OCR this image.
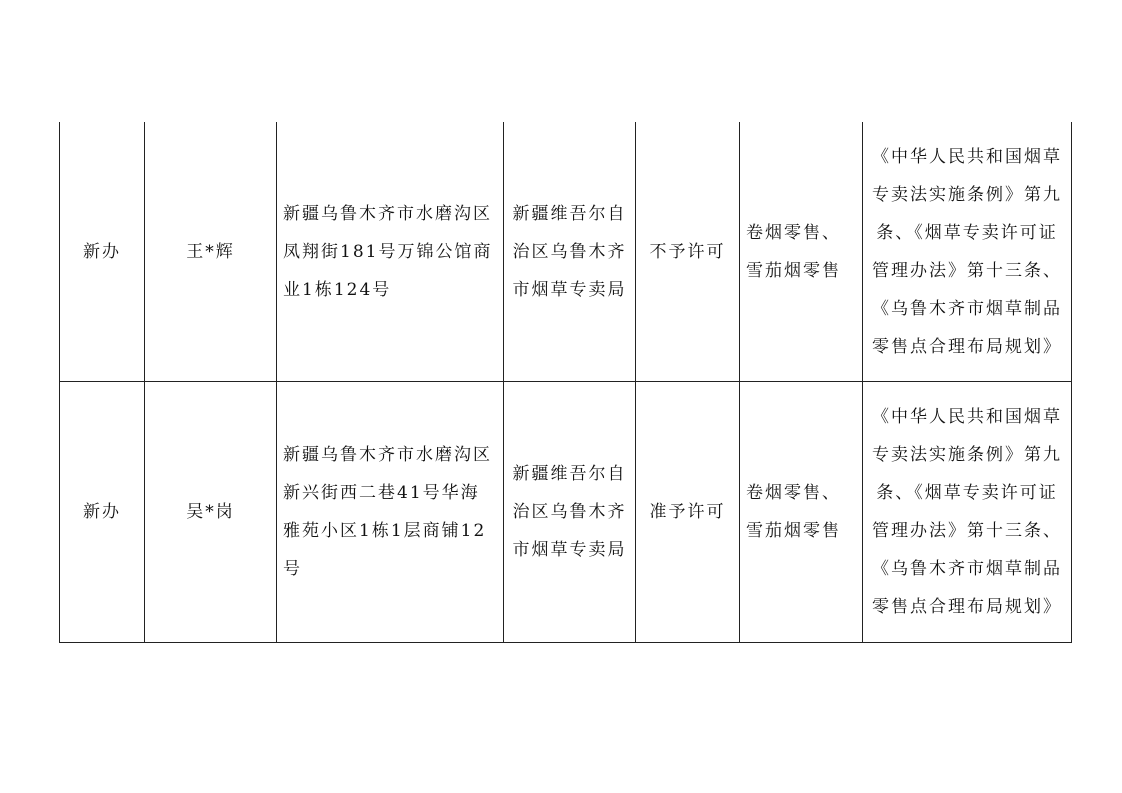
新办	王*辉	新疆乌鲁木齐市水磨沟区凤翔街181号万锦公馆商业1栋124号	新疆维吾尔自治区乌鲁木齐市烟草专卖局	不予许可	卷烟零售、雪茄烟零售	《中华人民共和国烟草专卖法实施条例》第九条、《烟草专卖许可证管理办法》第十三条、《乌鲁木齐市烟草制品零售点合理布局规划》
新办	吴*岗	新疆乌鲁木齐市水磨沟区新兴街西二巷41号华海雅苑小区1栋1层商铺12号	新疆维吾尔自治区乌鲁木齐市烟草专卖局	准予许可	卷烟零售、雪茄烟零售	《中华人民共和国烟草专卖法实施条例》第九条、《烟草专卖许可证管理办法》第十三条、《乌鲁木齐市烟草制品零售点合理布局规划》
